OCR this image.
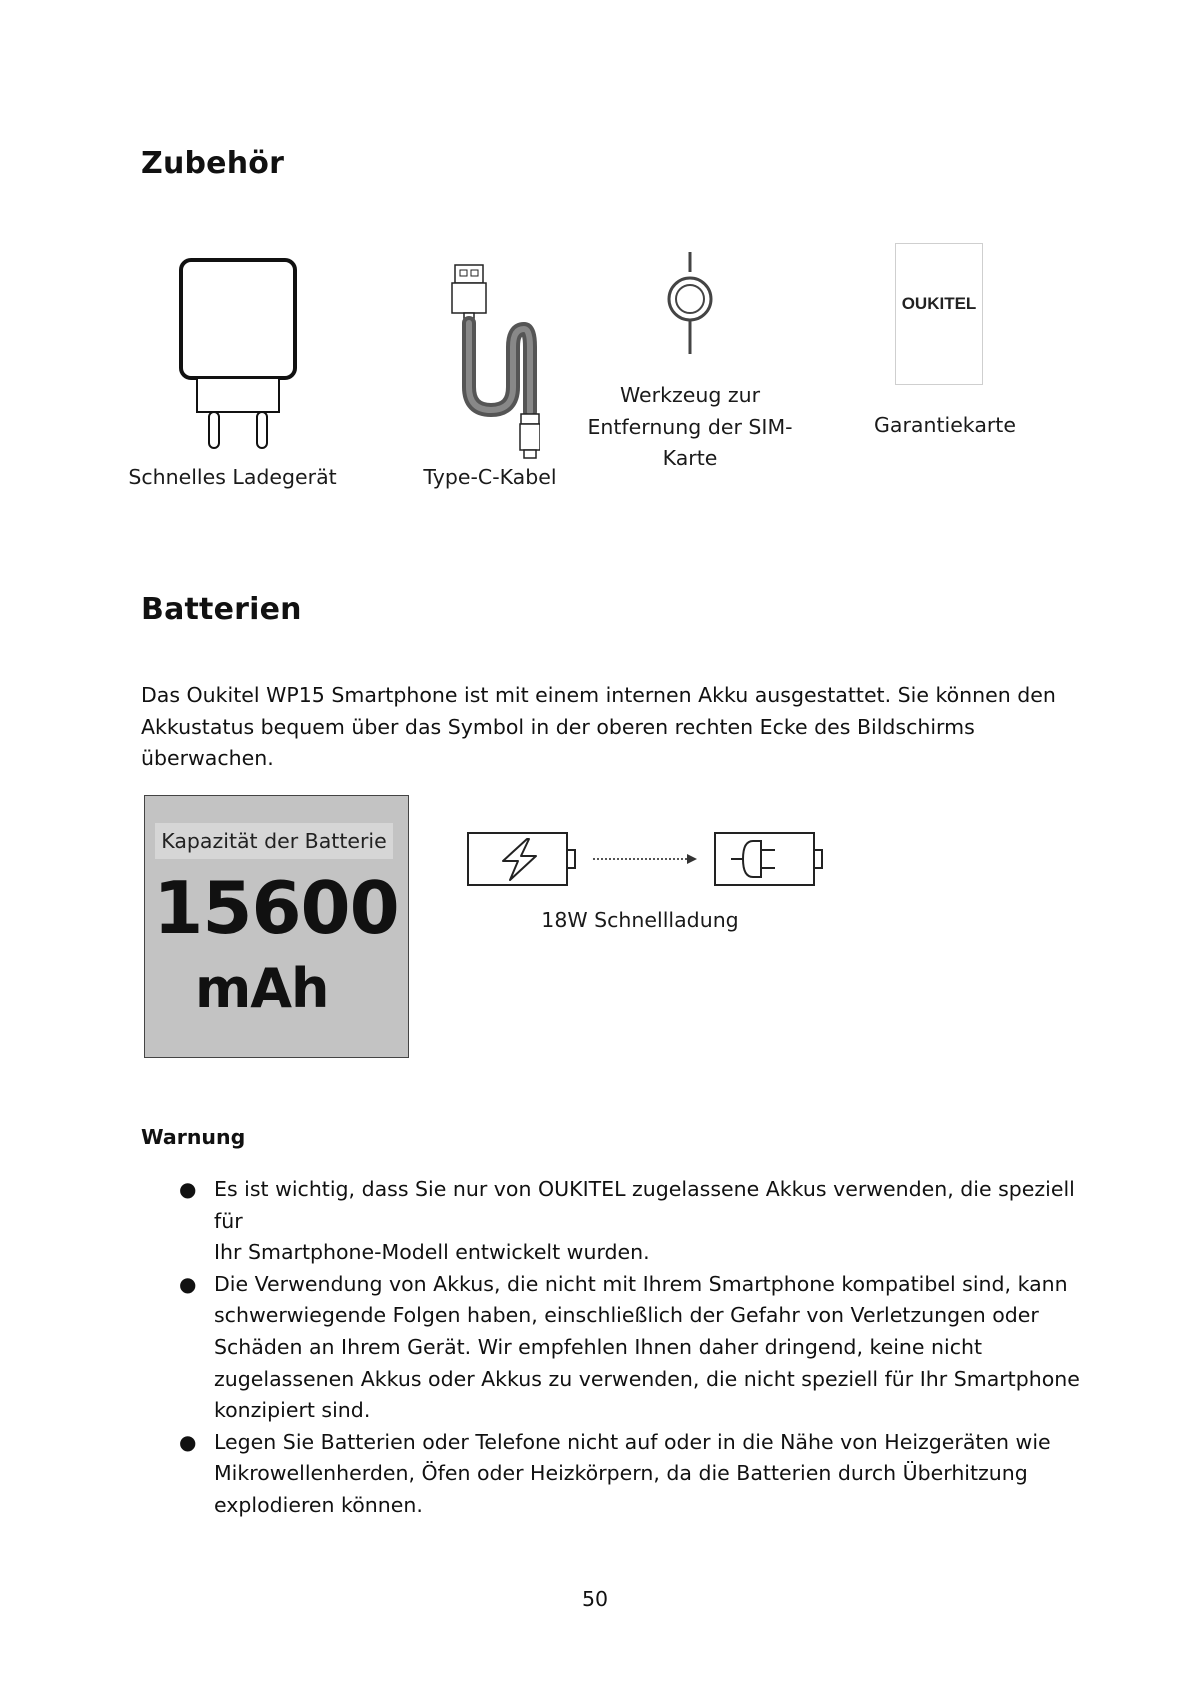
Zubehör
Schnelles Ladegerät	Type-C-Kabel
Werkzeug zur
Entfernung der SIM-
Karte
OUKITEL
Garantiekarte
Batterien
Das Oukitel WP15 Smartphone ist mit einem internen Akku ausgestattet. Sie können den
Akkustatus bequem über das Symbol in der oberen rechten Ecke des Bildschirms
überwachen.
Kapazität der Batterie
15600
mAh
18W Schnellladung
Warnung
● Es ist wichtig, dass Sie nur von OUKITEL zugelassene Akkus verwenden, die speziell für
Ihr Smartphone-Modell entwickelt wurden.
● Die Verwendung von Akkus, die nicht mit Ihrem Smartphone kompatibel sind, kann
schwerwiegende Folgen haben, einschließlich der Gefahr von Verletzungen oder
Schäden an Ihrem Gerät. Wir empfehlen Ihnen daher dringend, keine nicht
zugelassenen Akkus oder Akkus zu verwenden, die nicht speziell für Ihr Smartphone
konzipiert sind.
● Legen Sie Batterien oder Telefone nicht auf oder in die Nähe von Heizgeräten wie
Mikrowellenherden, Öfen oder Heizkörpern, da die Batterien durch Überhitzung
explodieren können.
50
